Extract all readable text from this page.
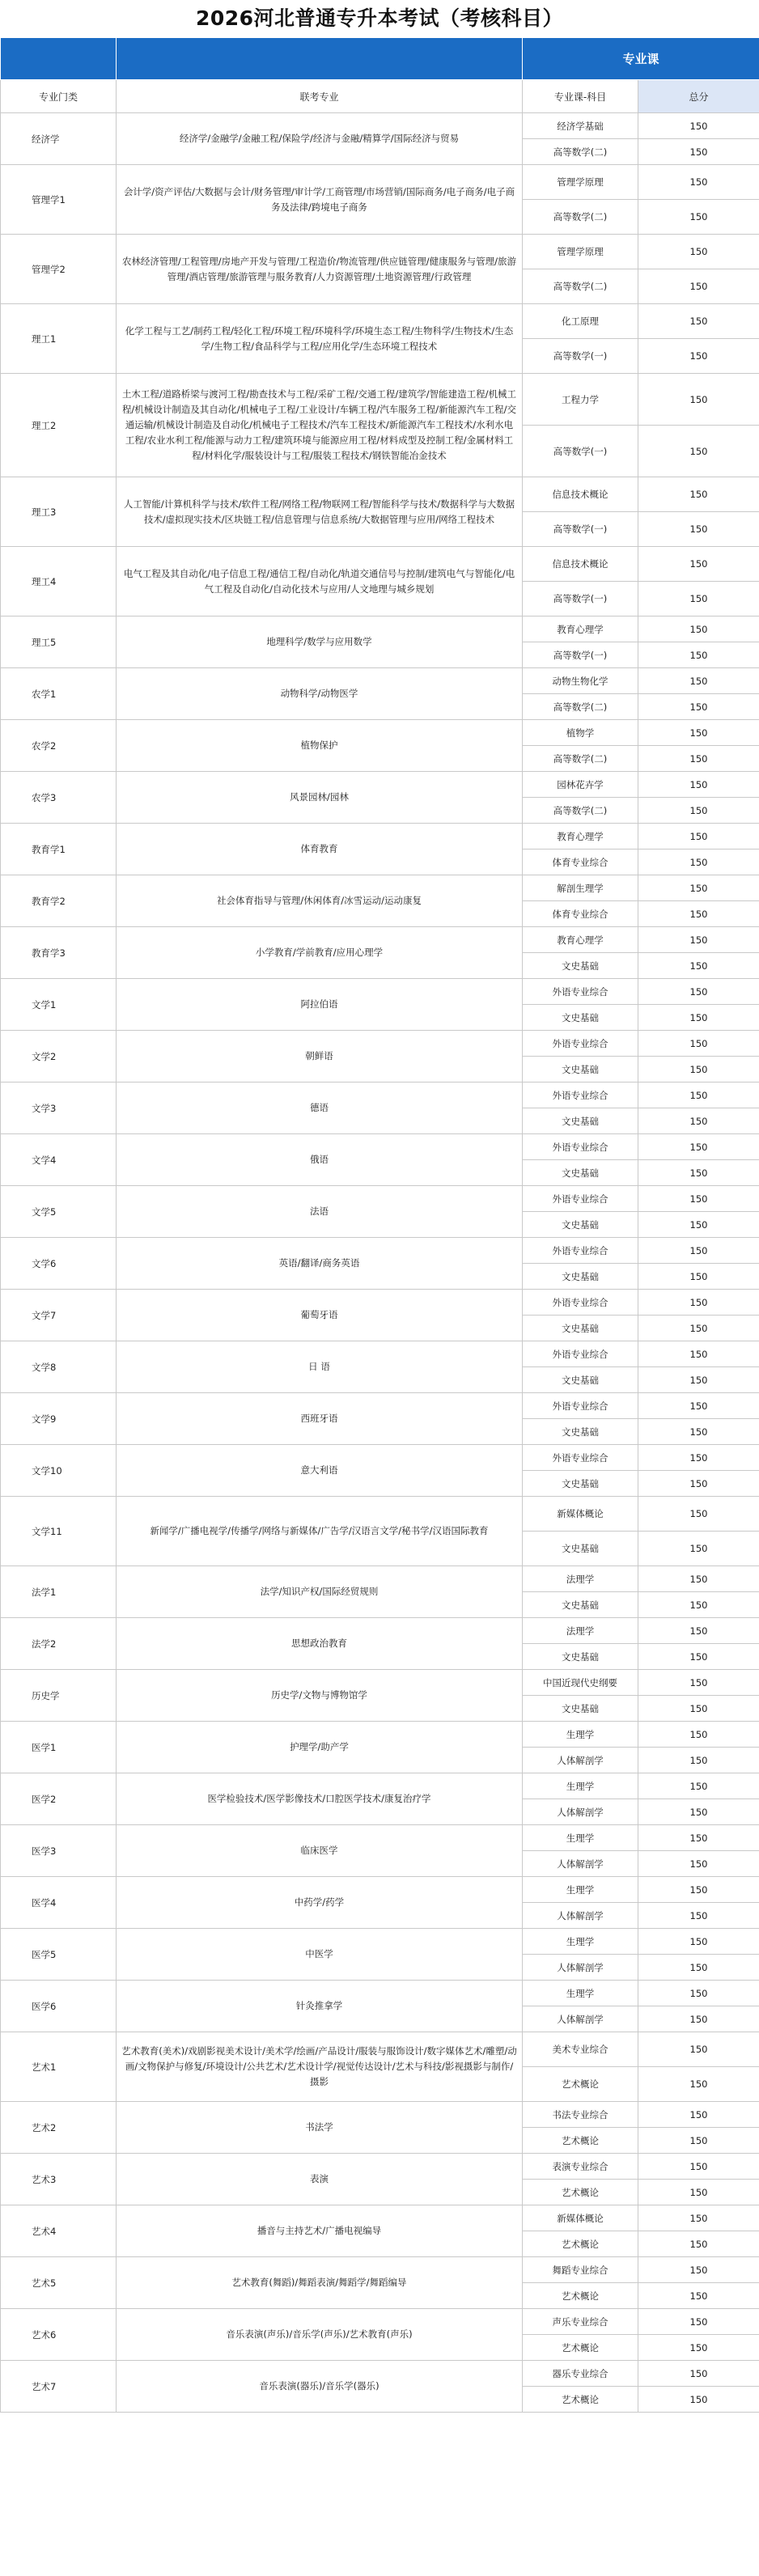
2026河北普通专升本考试（考核科目）
		专业课	
专业门类	联考专业	专业课-科目	总分
经济学	经济学/金融学/金融工程/保险学/经济与金融/精算学/国际经济与贸易	经济学基础	150
		高等数学(二)	150
管理学1	会计学/资产评估/大数据与会计/财务管理/审计学/工商管理/市场营销/国际商务/电子商务/电子商务及法律/跨境电子商务	管理学原理	150
		高等数学(二)	150
管理学2	农林经济管理/工程管理/房地产开发与管理/工程造价/物流管理/供应链管理/健康服务与管理/旅游管理/酒店管理/旅游管理与服务教育/人力资源管理/土地资源管理/行政管理	管理学原理	150
		高等数学(二)	150
理工1	化学工程与工艺/制药工程/轻化工程/环境工程/环境科学/环境生态工程/生物科学/生物技术/生态学/生物工程/食品科学与工程/应用化学/生态环境工程技术	化工原理	150
		高等数学(一)	150
理工2	土木工程/道路桥梁与渡河工程/勘查技术与工程/采矿工程/交通工程/建筑学/智能建造工程/机械工程/机械设计制造及其自动化/机械电子工程/工业设计/车辆工程/汽车服务工程/新能源汽车工程/交通运输/机械设计制造及自动化/机械电子工程技术/汽车工程技术/新能源汽车工程技术/水利水电工程/农业水利工程/能源与动力工程/建筑环境与能源应用工程/材料成型及控制工程/金属材料工程/材料化学/服装设计与工程/服装工程技术/钢铁智能冶金技术	工程力学	150
		高等数学(一)	150
理工3	人工智能/计算机科学与技术/软件工程/网络工程/物联网工程/智能科学与技术/数据科学与大数据技术/虚拟现实技术/区块链工程/信息管理与信息系统/大数据管理与应用/网络工程技术	信息技术概论	150
		高等数学(一)	150
理工4	电气工程及其自动化/电子信息工程/通信工程/自动化/轨道交通信号与控制/建筑电气与智能化/电气工程及自动化/自动化技术与应用/人文地理与城乡规划	信息技术概论	150
		高等数学(一)	150
理工5	地理科学/数学与应用数学	教育心理学	150
		高等数学(一)	150
农学1	动物科学/动物医学	动物生物化学	150
		高等数学(二)	150
农学2	植物保护	植物学	150
		高等数学(二)	150
农学3	风景园林/园林	园林花卉学	150
		高等数学(二)	150
教育学1	体育教育	教育心理学	150
		体育专业综合	150
教育学2	社会体育指导与管理/休闲体育/冰雪运动/运动康复	解剖生理学	150
		体育专业综合	150
教育学3	小学教育/学前教育/应用心理学	教育心理学	150
		文史基础	150
文学1	阿拉伯语	外语专业综合	150
		文史基础	150
文学2	朝鲜语	外语专业综合	150
		文史基础	150
文学3	德语	外语专业综合	150
		文史基础	150
文学4	俄语	外语专业综合	150
		文史基础	150
文学5	法语	外语专业综合	150
		文史基础	150
文学6	英语/翻译/商务英语	外语专业综合	150
		文史基础	150
文学7	葡萄牙语	外语专业综合	150
		文史基础	150
文学8	日 语	外语专业综合	150
		文史基础	150
文学9	西班牙语	外语专业综合	150
		文史基础	150
文学10	意大利语	外语专业综合	150
		文史基础	150
文学11	新闻学/广播电视学/传播学/网络与新媒体/广告学/汉语言文学/秘书学/汉语国际教育	新媒体概论	150
		文史基础	150
法学1	法学/知识产权/国际经贸规则	法理学	150
		文史基础	150
法学2	思想政治教育	法理学	150
		文史基础	150
历史学	历史学/文物与博物馆学	中国近现代史纲要	150
		文史基础	150
医学1	护理学/助产学	生理学	150
		人体解剖学	150
医学2	医学检验技术/医学影像技术/口腔医学技术/康复治疗学	生理学	150
		人体解剖学	150
医学3	临床医学	生理学	150
		人体解剖学	150
医学4	中药学/药学	生理学	150
		人体解剖学	150
医学5	中医学	生理学	150
		人体解剖学	150
医学6	针灸推拿学	生理学	150
		人体解剖学	150
艺术1	艺术教育(美术)/戏剧影视美术设计/美术学/绘画/产品设计/服装与服饰设计/数字媒体艺术/雕塑/动画/文物保护与修复/环境设计/公共艺术/艺术设计学/视觉传达设计/艺术与科技/影视摄影与制作/摄影	美术专业综合	150
		艺术概论	150
艺术2	书法学	书法专业综合	150
		艺术概论	150
艺术3	表演	表演专业综合	150
		艺术概论	150
艺术4	播音与主持艺术/广播电视编导	新媒体概论	150
		艺术概论	150
艺术5	艺术教育(舞蹈)/舞蹈表演/舞蹈学/舞蹈编导	舞蹈专业综合	150
		艺术概论	150
艺术6	音乐表演(声乐)/音乐学(声乐)/艺术教育(声乐)	声乐专业综合	150
		艺术概论	150
艺术7	音乐表演(器乐)/音乐学(器乐)	器乐专业综合	150
		艺术概论	150
